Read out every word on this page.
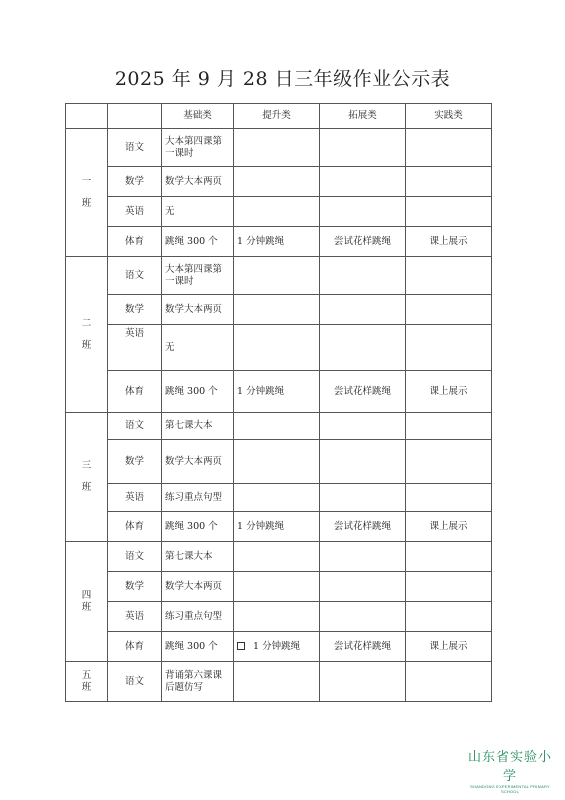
2025 年 9 月 28 日三年级作业公示表
		基础类	提升类	拓展类	实践类

一
班	语文	大本第四课第一课时			
	数学	数学大本两页			
	英语	无			
	体育	跳绳 300 个	1 分钟跳绳	尝试花样跳绳	课上展示

二
班	语文	大本第四课第一课时			
	数学	数学大本两页			
	英语	无			
	体育	跳绳 300 个	1 分钟跳绳	尝试花样跳绳	课上展示

三
班	语文	第七课大本			
	数学	数学大本两页			
	英语	练习重点句型			
	体育	跳绳 300 个	1 分钟跳绳	尝试花样跳绳	课上展示

四
班	语文	第七课大本			
	数学	数学大本两页			
	英语	练习重点句型			
	体育	跳绳 300 个	1 分钟跳绳	尝试花样跳绳	课上展示

五
班	语文	背诵第六课课后题仿写			
山东省实验小学
SHANDONG EXPERIMENTAL PRIMARY SCHOOL
